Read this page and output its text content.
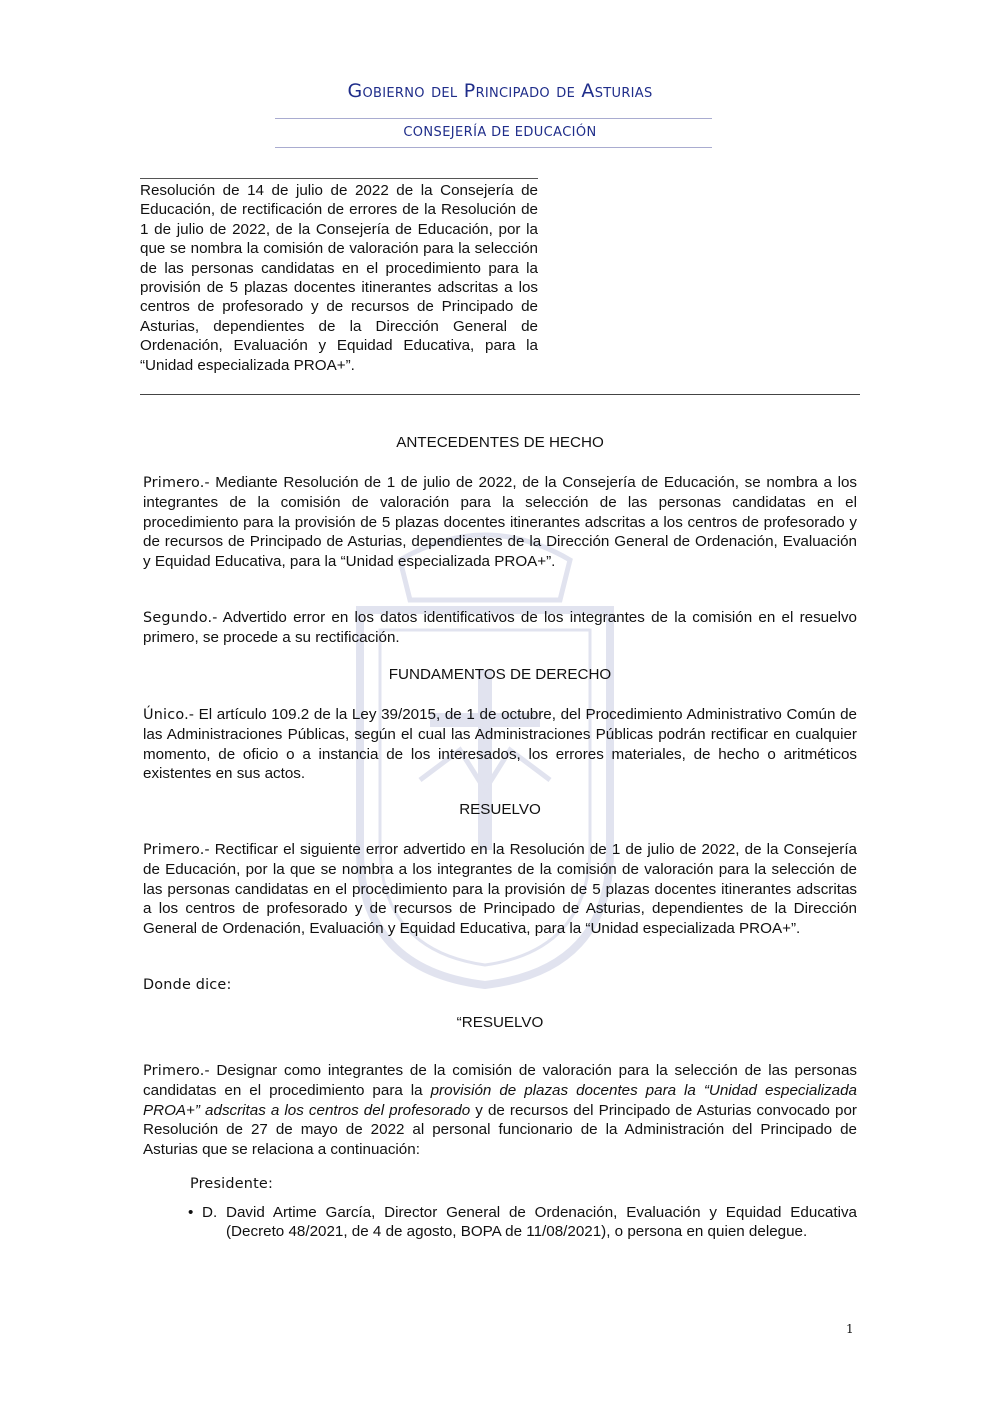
Gobierno del Principado de Asturias
CONSEJERÍA DE EDUCACIÓN
Resolución de 14 de julio de 2022 de la Consejería de Educación, de rectificación de errores de la Resolución de 1 de julio de 2022, de la Consejería de Educación, por la que se nombra la comisión de valoración para la selección de las personas candidatas en el procedimiento para la provisión de 5 plazas docentes itinerantes adscritas a los centros de profesorado y de recursos de Principado de Asturias, dependientes de la Dirección General de Ordenación, Evaluación y Equidad Educativa, para la “Unidad especializada PROA+”.
ANTECEDENTES DE HECHO
Primero.- Mediante Resolución de 1 de julio de 2022, de la Consejería de Educación, se nombra a los integrantes de la comisión de valoración para la selección de las personas candidatas en el procedimiento para la provisión de 5 plazas docentes itinerantes adscritas a los centros de profesorado y de recursos de Principado de Asturias, dependientes de la Dirección General de Ordenación, Evaluación y Equidad Educativa, para la “Unidad especializada PROA+”.
Segundo.- Advertido error en los datos identificativos de los integrantes de la comisión en el resuelvo primero, se procede a su rectificación.
FUNDAMENTOS DE DERECHO
Único.- El artículo 109.2 de la Ley 39/2015, de 1 de octubre, del Procedimiento Administrativo Común de las Administraciones Públicas, según el cual las Administraciones Públicas podrán rectificar en cualquier momento, de oficio o a instancia de los interesados, los errores materiales, de hecho o aritméticos existentes en sus actos.
RESUELVO
Primero.- Rectificar el siguiente error advertido en la Resolución de 1 de julio de 2022, de la Consejería de Educación, por la que se nombra a los integrantes de la comisión de valoración para la selección de las personas candidatas en el procedimiento para la provisión de 5 plazas docentes itinerantes adscritas a los centros de profesorado y de recursos de Principado de Asturias, dependientes de la Dirección General de Ordenación, Evaluación y Equidad Educativa, para la “Unidad especializada PROA+”.
Donde dice:
“RESUELVO
Primero.- Designar como integrantes de la comisión de valoración para la selección de las personas candidatas en el procedimiento para la provisión de plazas docentes para la “Unidad especializada PROA+” adscritas a los centros del profesorado y de recursos del Principado de Asturias convocado por Resolución de 27 de mayo de 2022 al personal funcionario de la Administración del Principado de Asturias que se relaciona a continuación:
Presidente:
• D. David Artime García, Director General de Ordenación, Evaluación y Equidad Educativa (Decreto 48/2021, de 4 de agosto, BOPA de 11/08/2021), o persona en quien delegue.
1
